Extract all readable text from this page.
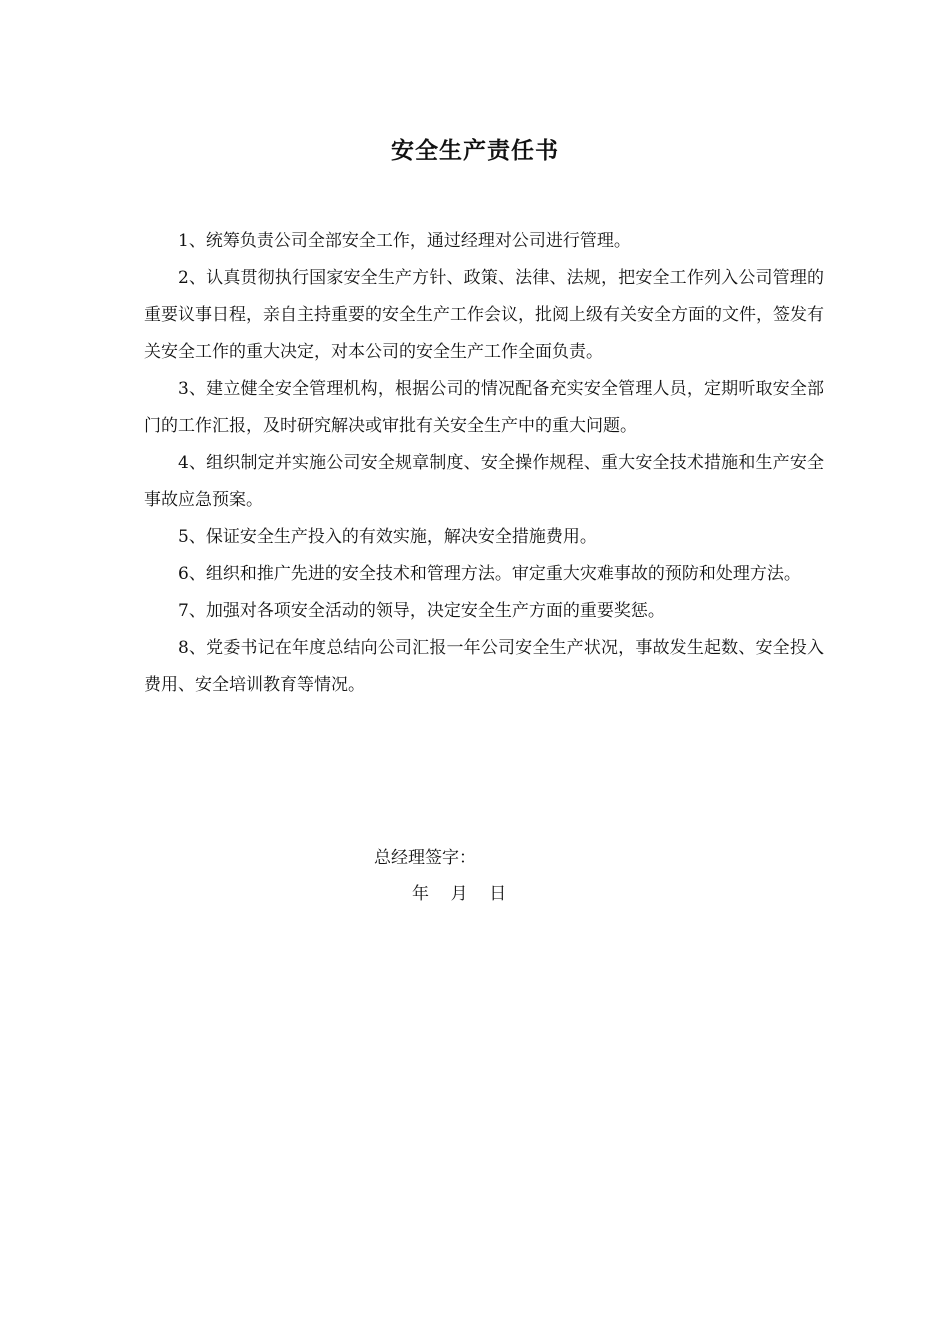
安全生产责任书

1、统筹负责公司全部安全工作，通过经理对公司进行管理。

2、认真贯彻执行国家安全生产方针、政策、法律、法规，把安全工作列入公司管理的重要议事日程，亲自主持重要的安全生产工作会议，批阅上级有关安全方面的文件，签发有关安全工作的重大决定，对本公司的安全生产工作全面负责。

3、建立健全安全管理机构，根据公司的情况配备充实安全管理人员，定期听取安全部门的工作汇报，及时研究解决或审批有关安全生产中的重大问题。

4、组织制定并实施公司安全规章制度、安全操作规程、重大安全技术措施和生产安全事故应急预案。

5、保证安全生产投入的有效实施，解决安全措施费用。

6、组织和推广先进的安全技术和管理方法。审定重大灾难事故的预防和处理方法。

7、加强对各项安全活动的领导，决定安全生产方面的重要奖惩。

8、党委书记在年度总结向公司汇报一年公司安全生产状况，事故发生起数、安全投入费用、安全培训教育等情况。

总经理签字：
年    月    日
